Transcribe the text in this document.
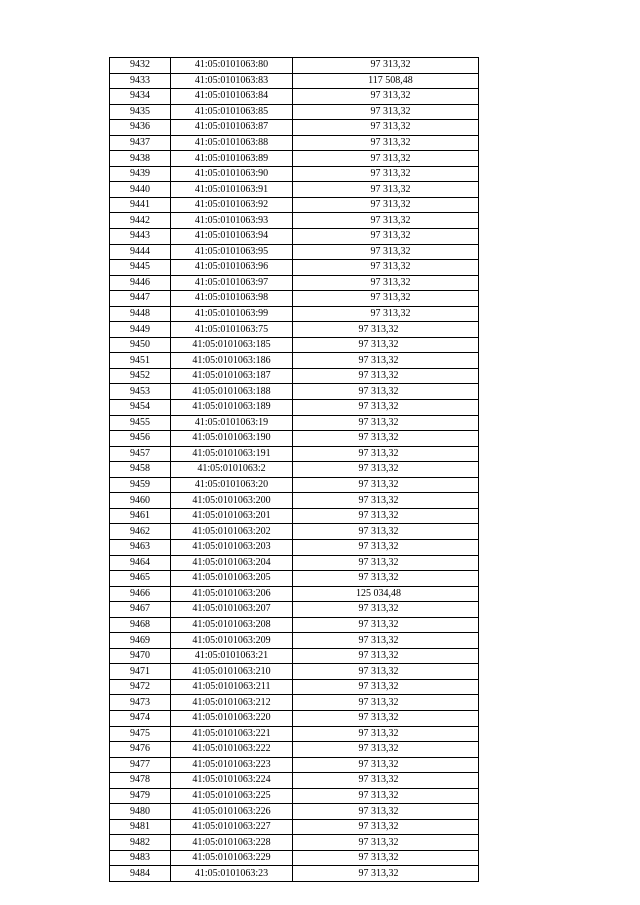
9432	41:05:0101063:80	97 313,32
9433	41:05:0101063:83	117 508,48
9434	41:05:0101063:84	97 313,32
9435	41:05:0101063:85	97 313,32
9436	41:05:0101063:87	97 313,32
9437	41:05:0101063:88	97 313,32
9438	41:05:0101063:89	97 313,32
9439	41:05:0101063:90	97 313,32
9440	41:05:0101063:91	97 313,32
9441	41:05:0101063:92	97 313,32
9442	41:05:0101063:93	97 313,32
9443	41:05:0101063:94	97 313,32
9444	41:05:0101063:95	97 313,32
9445	41:05:0101063:96	97 313,32
9446	41:05:0101063:97	97 313,32
9447	41:05:0101063:98	97 313,32
9448	41:05:0101063:99	97 313,32
9449	41:05:0101063:75	97 313,32
9450	41:05:0101063:185	97 313,32
9451	41:05:0101063:186	97 313,32
9452	41:05:0101063:187	97 313,32
9453	41:05:0101063:188	97 313,32
9454	41:05:0101063:189	97 313,32
9455	41:05:0101063:19	97 313,32
9456	41:05:0101063:190	97 313,32
9457	41:05:0101063:191	97 313,32
9458	41:05:0101063:2	97 313,32
9459	41:05:0101063:20	97 313,32
9460	41:05:0101063:200	97 313,32
9461	41:05:0101063:201	97 313,32
9462	41:05:0101063:202	97 313,32
9463	41:05:0101063:203	97 313,32
9464	41:05:0101063:204	97 313,32
9465	41:05:0101063:205	97 313,32
9466	41:05:0101063:206	125 034,48
9467	41:05:0101063:207	97 313,32
9468	41:05:0101063:208	97 313,32
9469	41:05:0101063:209	97 313,32
9470	41:05:0101063:21	97 313,32
9471	41:05:0101063:210	97 313,32
9472	41:05:0101063:211	97 313,32
9473	41:05:0101063:212	97 313,32
9474	41:05:0101063:220	97 313,32
9475	41:05:0101063:221	97 313,32
9476	41:05:0101063:222	97 313,32
9477	41:05:0101063:223	97 313,32
9478	41:05:0101063:224	97 313,32
9479	41:05:0101063:225	97 313,32
9480	41:05:0101063:226	97 313,32
9481	41:05:0101063:227	97 313,32
9482	41:05:0101063:228	97 313,32
9483	41:05:0101063:229	97 313,32
9484	41:05:0101063:23	97 313,32
